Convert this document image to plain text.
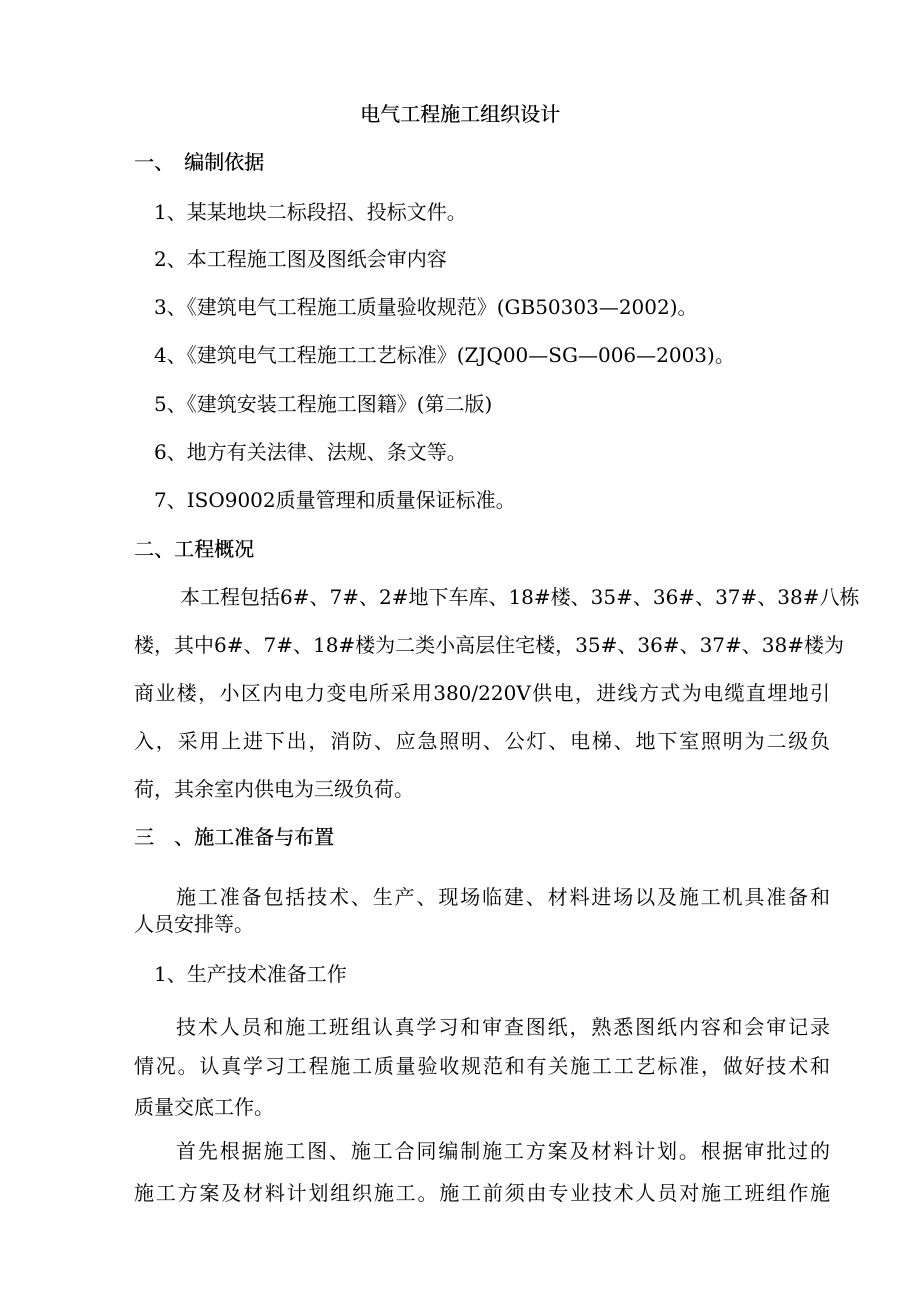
电气工程施工组织设计
一、　编制依据
1、某某地块二标段招、投标文件。
2、本工程施工图及图纸会审内容
3、《建筑电气工程施工质量验收规范》(GB50303—2002)。
4、《建筑电气工程施工工艺标准》(ZJQ00—SG—006—2003)。
5、《建筑安装工程施工图籍》(第二版)
6、地方有关法律、法规、条文等。
7、ISO9002质量管理和质量保证标准。
二、工程概况
本工程包括6#、7#、2#地下车库、18#楼、35#、36#、37#、38#八栋
楼，其中6#、7#、18#楼为二类小高层住宅楼，35#、36#、37#、38#楼为
商业楼，小区内电力变电所采用380/220V供电，进线方式为电缆直埋地引
入，采用上进下出，消防、应急照明、公灯、电梯、地下室照明为二级负
荷，其余室内供电为三级负荷。
三　、施工准备与布置
施工准备包括技术、生产、现场临建、材料进场以及施工机具准备和
人员安排等。
1、生产技术准备工作
技术人员和施工班组认真学习和审查图纸，熟悉图纸内容和会审记录
情况。认真学习工程施工质量验收规范和有关施工工艺标准，做好技术和
质量交底工作。
首先根据施工图、施工合同编制施工方案及材料计划。根据审批过的
施工方案及材料计划组织施工。施工前须由专业技术人员对施工班组作施
